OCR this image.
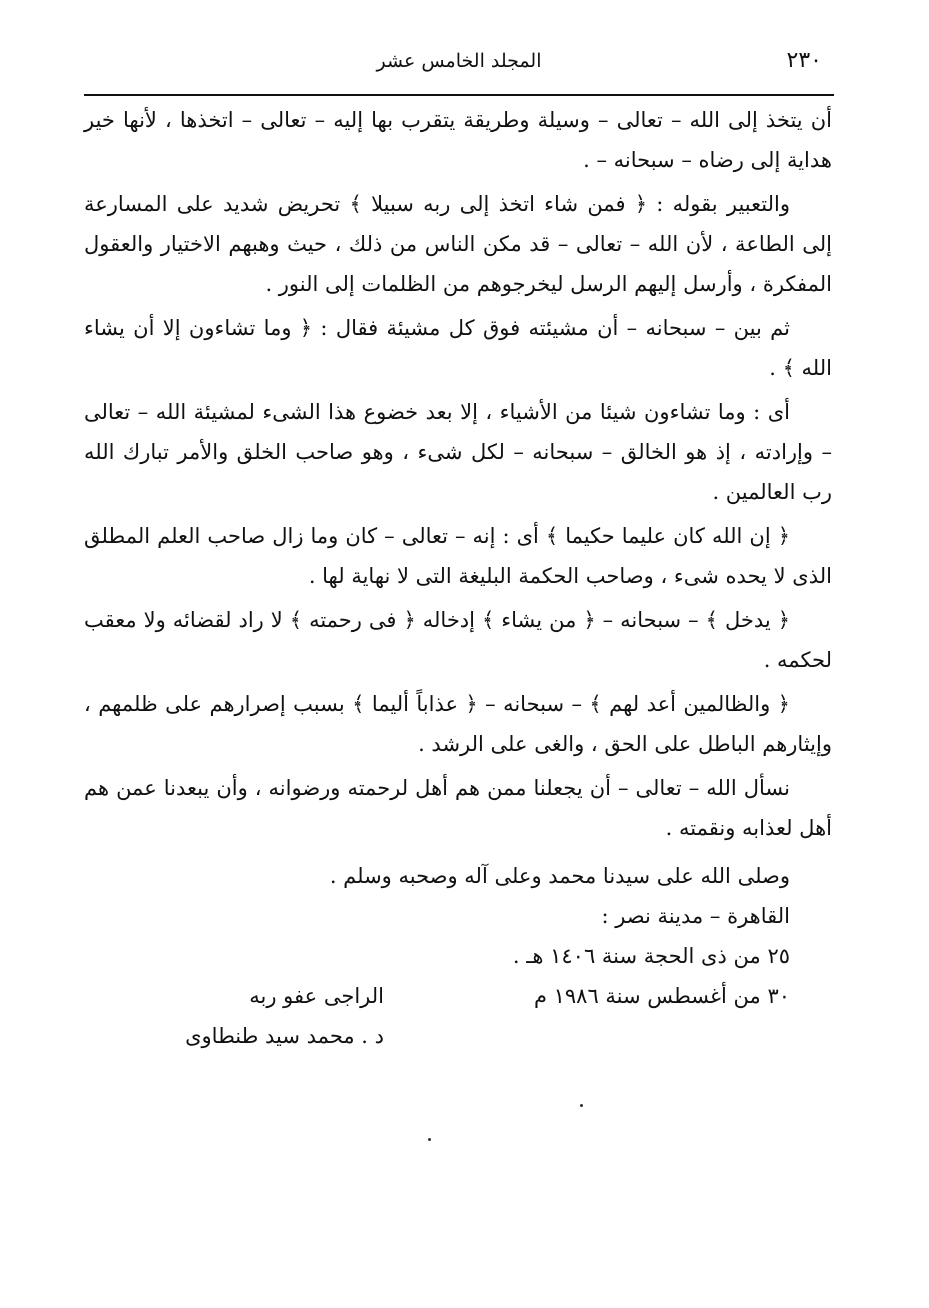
٢٣٠
المجلد الخامس عشر

أن يتخذ إلى الله – تعالى – وسيلة وطريقة يتقرب بها إليه – تعالى – اتخذها ، لأنها خير هداية إلى رضاه – سبحانه – .

والتعبير بقوله : ﴿ فمن شاء اتخذ إلى ربه سبيلا ﴾ تحريض شديد على المسارعة إلى الطاعة ، لأن الله – تعالى – قد مكن الناس من ذلك ، حيث وهبهم الاختيار والعقول المفكرة ، وأرسل إليهم الرسل ليخرجوهم من الظلمات إلى النور .

ثم بين – سبحانه – أن مشيئته فوق كل مشيئة فقال : ﴿ وما تشاءون إلا أن يشاء الله ﴾ .

أى : وما تشاءون شيئا من الأشياء ، إلا بعد خضوع هذا الشىء لمشيئة الله – تعالى – وإرادته ، إذ هو الخالق – سبحانه – لكل شىء ، وهو صاحب الخلق والأمر تبارك الله رب العالمين .

﴿ إن الله كان عليما حكيما ﴾ أى : إنه – تعالى – كان وما زال صاحب العلم المطلق الذى لا يحده شىء ، وصاحب الحكمة البليغة التى لا نهاية لها .

﴿ يدخل ﴾ – سبحانه – ﴿ من يشاء ﴾ إدخاله ﴿ فى رحمته ﴾ لا راد لقضائه ولا معقب لحكمه .

﴿ والظالمين أعد لهم ﴾ – سبحانه – ﴿ عذاباً أليما ﴾ بسبب إصرارهم على ظلمهم ، وإيثارهم الباطل على الحق ، والغى على الرشد .

نسأل الله – تعالى – أن يجعلنا ممن هم أهل لرحمته ورضوانه ، وأن يبعدنا عمن هم أهل لعذابه ونقمته .

وصلى الله على سيدنا محمد وعلى آله وصحبه وسلم .
القاهرة – مدينة نصر :
٢٥ من ذى الحجة سنة ١٤٠٦ هـ .
٣٠ من أغسطس سنة ١٩٨٦ م
الراجى عفو ربه
د . محمد سيد طنطاوى
